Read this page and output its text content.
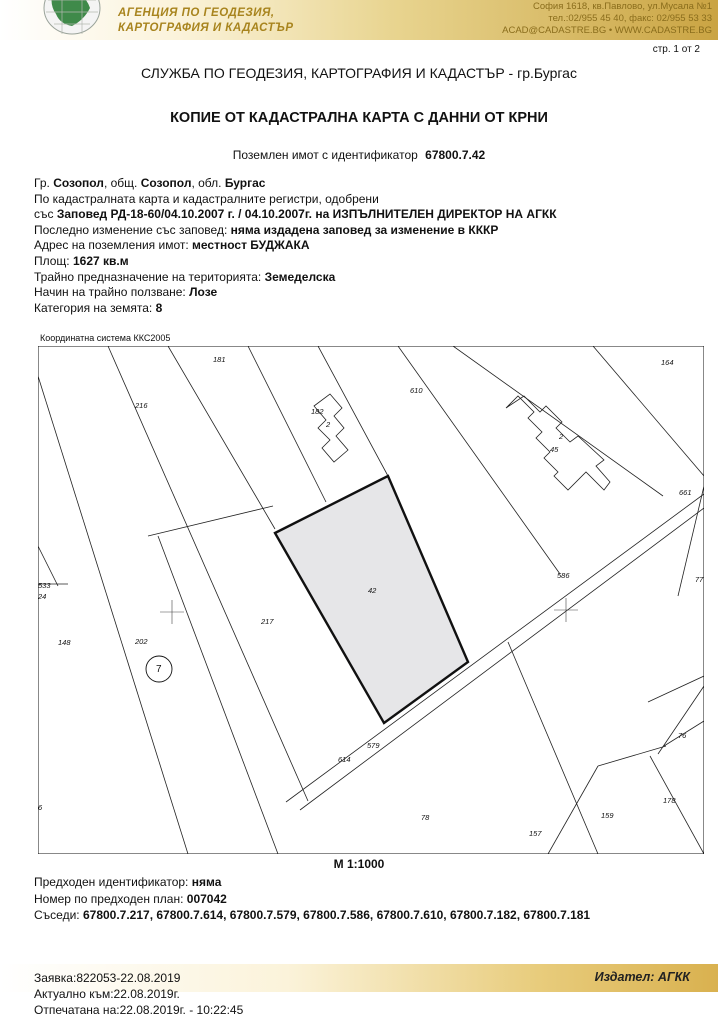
АГЕНЦИЯ ПО ГЕОДЕЗИЯ,
КАРТОГРАФИЯ И КАДАСТЪР
София 1618, кв.Павлово, ул.Мусала №1
тел.:02/955 45 40, факс: 02/955 53 33
ACAD@CADASTRE.BG • WWW.CADASTRE.BG
стр. 1 от 2
СЛУЖБА ПО ГЕОДЕЗИЯ, КАРТОГРАФИЯ И КАДАСТЪР - гр.Бургас
КОПИЕ ОТ КАДАСТРАЛНА КАРТА С ДАННИ ОТ КРНИ
Поземлен имот с идентификатор 67800.7.42
Гр. Созопол, общ. Созопол, обл. Бургас
По кадастралната карта и кадастралните регистри, одобрени
със Заповед РД-18-60/04.10.2007 г. / 04.10.2007г. на ИЗПЪЛНИТЕЛЕН ДИРЕКТОР НА АГКК
Последно изменение със заповед: няма издадена заповед за изменение в КККР
Адрес на поземления имот: местност БУДЖАКА
Площ: 1627 кв.м
Трайно предназначение на територията: Земеделска
Начин на трайно ползване: Лозе
Категория на земята: 8
Координатна система ККС2005
7
181
610
164
216
182
2
2
45
661
586	77
533
24
42
148	202
217
614
579
76
6
178
78	159
157
М 1:1000
Предходен идентификатор: няма
Номер по предходен план: 007042
Съседи: 67800.7.217, 67800.7.614, 67800.7.579, 67800.7.586, 67800.7.610, 67800.7.182, 67800.7.181
Заявка:822053-22.08.2019
Актуално към:22.08.2019г.
Отпечатана на:22.08.2019г. - 10:22:45
Издател: АГКК
